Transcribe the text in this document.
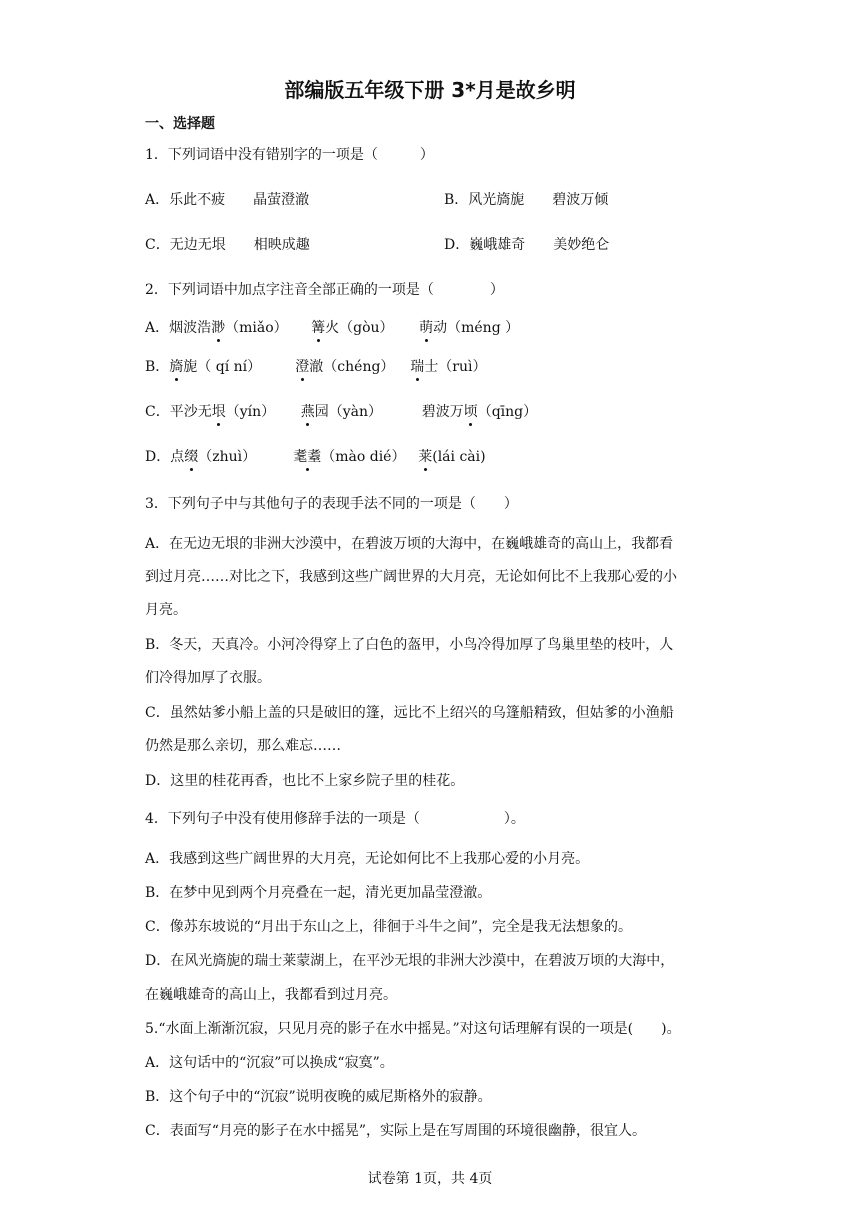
部编版五年级下册 3*月是故乡明
一、选择题
1．下列词语中没有错别字的一项是（　　　）
A．乐此不疲 晶萤澄澈	B．风光旖旎 碧波万倾
C．无边无垠 相映成趣	D．巍峨雄奇 美妙绝仑
2．下列词语中加点字注音全部正确的一项是（　　　　）
A．烟波浩渺（miǎo） 篝火（gòu） 萌动（méng ）
B．旖旎（ qí ní） 澄澈（chéng） 瑞士（ruì）
C．平沙无垠（yín） 燕园（yàn）	碧波万顷（qīng）
D．点缀（zhuì）	耄耋（mào dié） 莱(lái cài)
3．下列句子中与其他句子的表现手法不同的一项是（　　）
A．在无边无垠的非洲大沙漠中，在碧波万顷的大海中，在巍峨雄奇的高山上，我都看
到过月亮……对比之下，我感到这些广阔世界的大月亮，无论如何比不上我那心爱的小
月亮。
B．冬天，天真冷。小河冷得穿上了白色的盔甲，小鸟冷得加厚了鸟巢里垫的枝叶，人
们冷得加厚了衣服。
C．虽然姑爹小船上盖的只是破旧的篷，远比不上绍兴的乌篷船精致，但姑爹的小渔船
仍然是那么亲切，那么难忘……
D．这里的桂花再香，也比不上家乡院子里的桂花。
4．下列句子中没有使用修辞手法的一项是（　　　　　　）。
A．我感到这些广阔世界的大月亮，无论如何比不上我那心爱的小月亮。
B．在梦中见到两个月亮叠在一起，清光更加晶莹澄澈。
C．像苏东坡说的“月出于东山之上，徘徊于斗牛之间”，完全是我无法想象的。
D．在风光旖旎的瑞士莱蒙湖上，在平沙无垠的非洲大沙漠中，在碧波万顷的大海中，
在巍峨雄奇的高山上，我都看到过月亮。
5.“水面上渐渐沉寂，只见月亮的影子在水中摇晃。”对这句话理解有误的一项是(　　)。
A．这句话中的“沉寂”可以换成“寂寞”。
B．这个句子中的“沉寂”说明夜晚的威尼斯格外的寂静。
C．表面写“月亮的影子在水中摇晃”，实际上是在写周围的环境很幽静，很宜人。
试卷第 1页，共 4页
